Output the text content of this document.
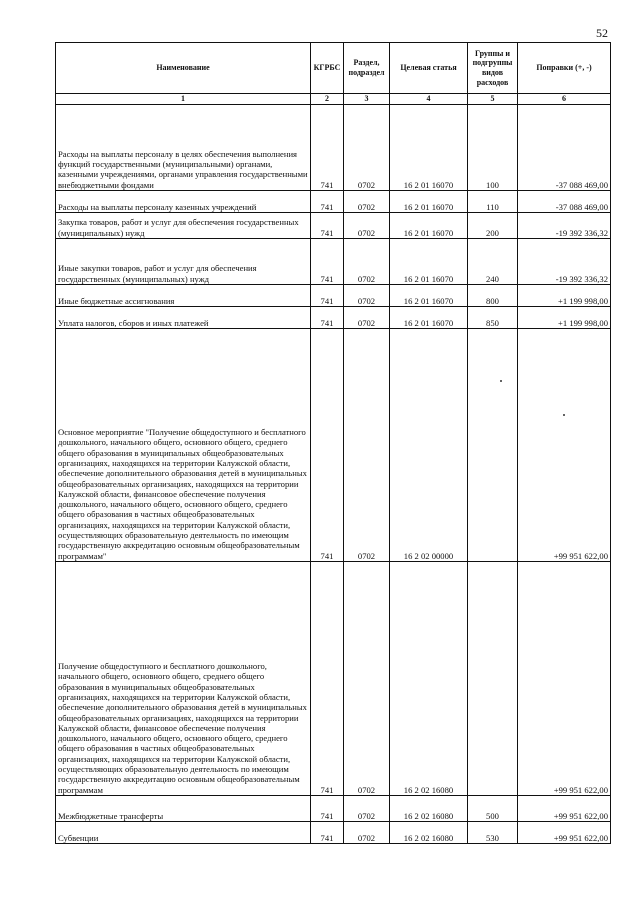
52
Наименование	КГРБС	Раздел, подраздел	Целевая статья	Группы и подгруппы видов расходов	Поправки (+, -)
1	2	3	4	5	6
Расходы на выплаты персоналу в целях обеспечения выполнения функций государственными (муниципальными) органами, казенными учреждениями, органами управления государственными внебюджетными фондами	741	0702	16 2 01 16070	100	-37 088 469,00
Расходы на выплаты персоналу казенных учреждений	741	0702	16 2 01 16070	110	-37 088 469,00
Закупка товаров, работ и услуг для обеспечения государственных (муниципальных) нужд	741	0702	16 2 01 16070	200	-19 392 336,32
Иные закупки товаров, работ и услуг для обеспечения государственных (муниципальных) нужд	741	0702	16 2 01 16070	240	-19 392 336,32
Иные бюджетные ассигнования	741	0702	16 2 01 16070	800	+1 199 998,00
Уплата налогов, сборов и иных платежей	741	0702	16 2 01 16070	850	+1 199 998,00
Основное мероприятие "Получение общедоступного и бесплатного дошкольного, начального общего, основного общего, среднего общего образования в муниципальных общеобразовательных организациях, находящихся на территории Калужской области, обеспечение дополнительного образования детей в муниципальных общеобразовательных организациях, находящихся на территории Калужской области, финансовое обеспечение получения дошкольного, начального общего, основного общего, среднего общего образования в частных общеобразовательных организациях, находящихся на территории Калужской области, осуществляющих образовательную деятельность по имеющим государственную аккредитацию основным общеобразовательным программам"	741	0702	16 2 02 00000		+99 951 622,00
Получение общедоступного и бесплатного дошкольного, начального общего, основного общего, среднего общего образования в муниципальных общеобразовательных организациях, находящихся на территории Калужской области, обеспечение дополнительного образования детей в муниципальных общеобразовательных организациях, находящихся на территории Калужской области, финансовое обеспечение получения дошкольного, начального общего, основного общего, среднего общего образования в частных общеобразовательных организациях, находящихся на территории Калужской области, осуществляющих образовательную деятельность по имеющим государственную аккредитацию основным общеобразовательным программам	741	0702	16 2 02 16080		+99 951 622,00
Межбюджетные трансферты	741	0702	16 2 02 16080	500	+99 951 622,00
Субвенции	741	0702	16 2 02 16080	530	+99 951 622,00
